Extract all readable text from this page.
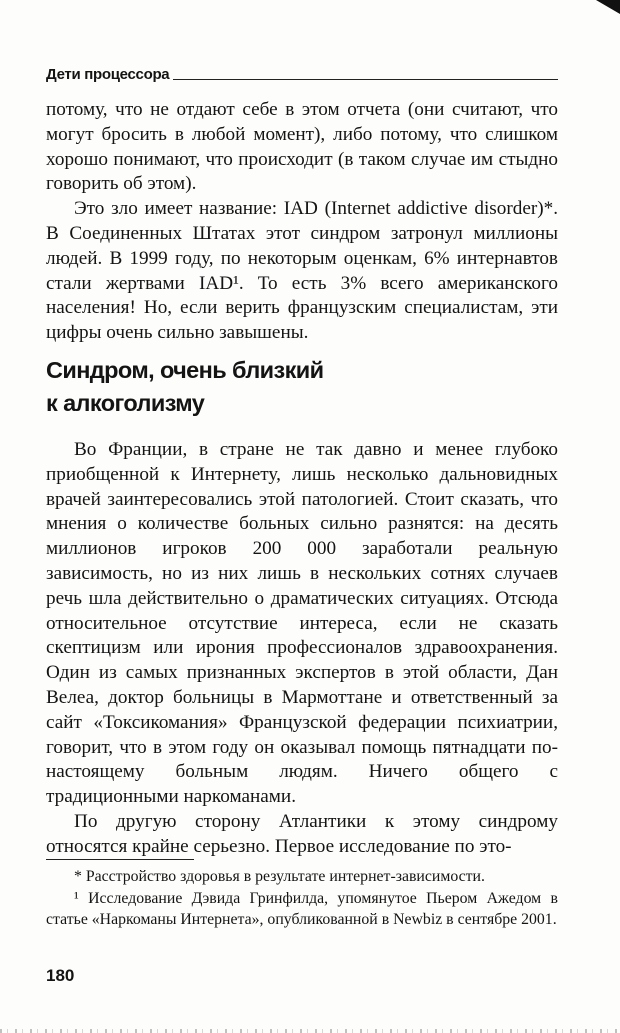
Дети процессора

потому, что не отдают себе в этом отчета (они считают, что могут бросить в любой момент), либо потому, что слишком хорошо понимают, что происходит (в таком случае им стыдно говорить об этом).

Это зло имеет название: IAD (Internet addictive disorder)*. В Соединенных Штатах этот синдром затронул миллионы людей. В 1999 году, по некоторым оценкам, 6% интернавтов стали жертвами IAD¹. То есть 3% всего американского населения! Но, если верить французским специалистам, эти цифры очень сильно завышены.

Синдром, очень близкий
к алкоголизму

Во Франции, в стране не так давно и менее глубоко приобщенной к Интернету, лишь несколько дальновидных врачей заинтересовались этой патологией. Стоит сказать, что мнения о количестве больных сильно разнятся: на десять миллионов игроков 200 000 заработали реальную зависимость, но из них лишь в нескольких сотнях случаев речь шла действительно о драматических ситуациях. Отсюда относительное отсутствие интереса, если не сказать скептицизм или ирония профессионалов здравоохранения. Один из самых признанных экспертов в этой области, Дан Велеа, доктор больницы в Мармоттане и ответственный за сайт «Токсикомания» Французской федерации психиатрии, говорит, что в этом году он оказывал помощь пятнадцати по-настоящему больным людям. Ничего общего с традиционными наркоманами.

По другую сторону Атлантики к этому синдрому относятся крайне серьезно. Первое исследование по это-

* Расстройство здоровья в результате интернет-зависимости.

¹ Исследование Дэвида Гринфилда, упомянутое Пьером Ажедом в статье «Наркоманы Интернета», опубликованной в Newbiz в сентябре 2001.

180
